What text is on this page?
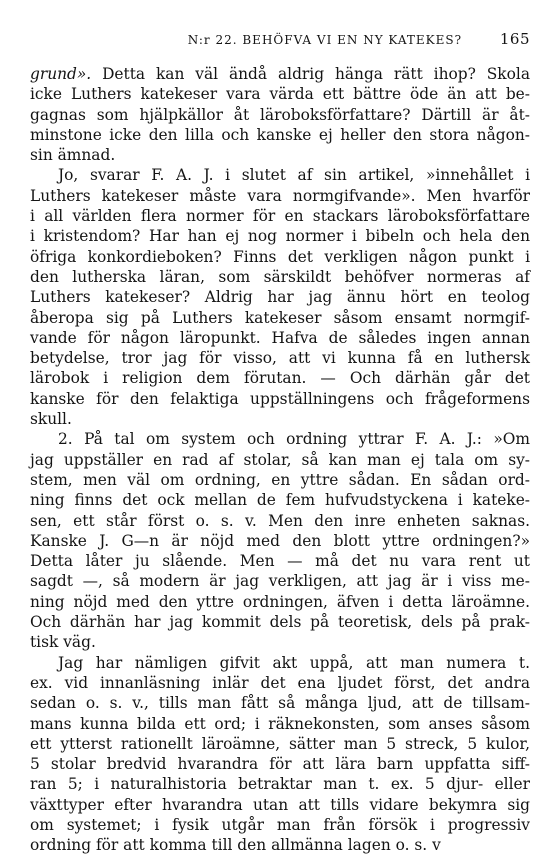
N:r 22. BEHÖFVA VI EN NY KATEKES?	165
grund». Detta kan väl ändå aldrig hänga rätt ihop? Skola
icke Luthers katekeser vara värda ett bättre öde än att be-
gagnas som hjälpkällor åt läroboksförfattare? Därtill är åt-
minstone icke den lilla och kanske ej heller den stora någon-
sin ämnad.
Jo, svarar F. A. J. i slutet af sin artikel, »innehållet i
Luthers katekeser måste vara normgifvande». Men hvarför
i all världen flera normer för en stackars läroboksförfattare
i kristendom? Har han ej nog normer i bibeln och hela den
öfriga konkordieboken? Finns det verkligen någon punkt i
den lutherska läran, som särskildt behöfver normeras af
Luthers katekeser? Aldrig har jag ännu hört en teolog
åberopa sig på Luthers katekeser såsom ensamt normgif-
vande för någon läropunkt. Hafva de således ingen annan
betydelse, tror jag för visso, att vi kunna få en luthersk
lärobok i religion dem förutan. — Och därhän går det
kanske för den felaktiga uppställningens och frågeformens
skull.
2. På tal om system och ordning yttrar F. A. J.: »Om
jag uppställer en rad af stolar, så kan man ej tala om sy-
stem, men väl om ordning, en yttre sådan. En sådan ord-
ning finns det ock mellan de fem hufvudstyckena i kateke-
sen, ett står först o. s. v. Men den inre enheten saknas.
Kanske J. G—n är nöjd med den blott yttre ordningen?»
Detta låter ju slående. Men — må det nu vara rent ut
sagdt —, så modern är jag verkligen, att jag är i viss me-
ning nöjd med den yttre ordningen, äfven i detta läroämne.
Och därhän har jag kommit dels på teoretisk, dels på prak-
tisk väg.
Jag har nämligen gifvit akt uppå, att man numera t.
ex. vid innanläsning inlär det ena ljudet först, det andra
sedan o. s. v., tills man fått så många ljud, att de tillsam-
mans kunna bilda ett ord; i räknekonsten, som anses såsom
ett ytterst rationellt läroämne, sätter man 5 streck, 5 kulor,
5 stolar bredvid hvarandra för att lära barn uppfatta siff-
ran 5; i naturalhistoria betraktar man t. ex. 5 djur- eller
växttyper efter hvarandra utan att tills vidare bekymra sig
om systemet; i fysik utgår man från försök i progressiv
ordning för att komma till den allmänna lagen o. s. v
